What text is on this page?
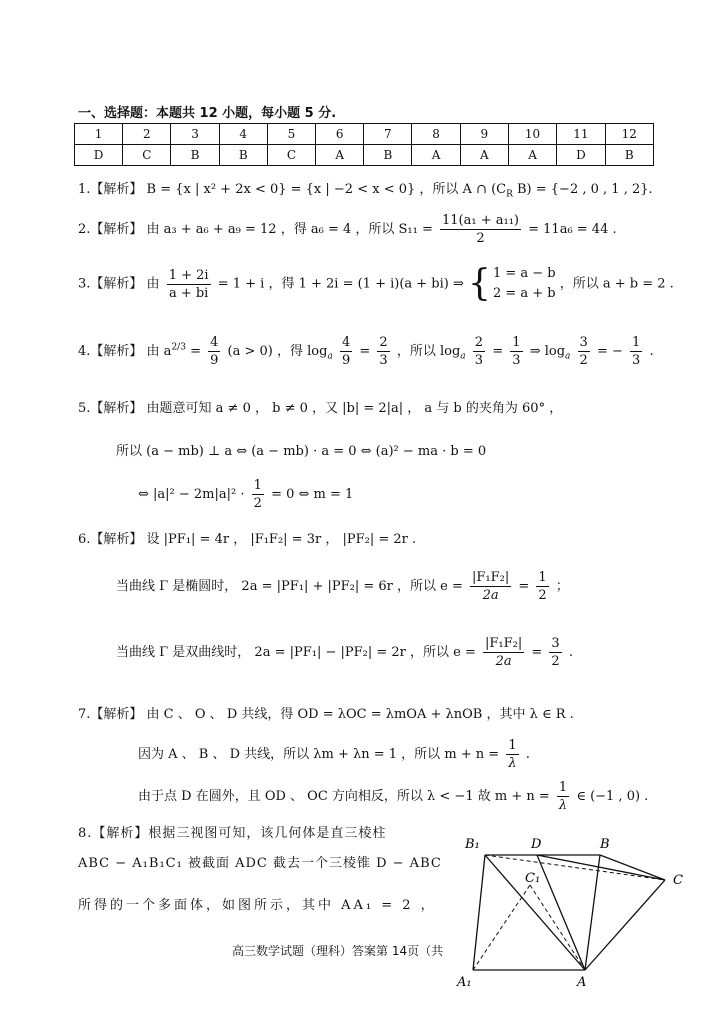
一、选择题：本题共 12 小题，每小题 5 分.
1	2	3	4	5	6	7	8	9	10	11	12
D	C	B	B	C	A	B	A	A	A	D	B
1.【解析】 B = {x | x² + 2x < 0} = {x | −2 < x < 0} ，所以 A ∩ ($C_R$ B) = {−2 , 0 , 1 , 2}.
2.【解析】 由 a₃ + a₆ + a₉ = 12 ，得 a₆ = 4 ，所以 $S_{11} = \frac{\text{11(a₁ + a₁₁)}}{2} = 11a_6 = 44$ .
3.【解析】 由 $\frac{1 + 2i}{a + bi} = 1 + i$ ，得 1 + 2i = (1 + i)(a + bi) ⇒ { 1 = a − b
2 = a + b
，所以 a + b = 2 .
4.【解析】 由 $a^{2/3} = \frac{4}{9} (a > 0)$ ，得 $\log_a \frac{4}{9} = \frac{2}{3}$ ，所以 $\log_a \frac{2}{3} = \frac{1}{3}$ ⇒ $\log_a \frac{3}{2}$ = − $\frac{1}{3}$ .
5.【解析】 由题意可知 a ≠ 0 ， b ≠ 0 ，又 |b| = 2|a| ， a 与 b 的夹角为 60° ，
所以 (a − mb) ⊥ a ⇔ (a − mb) · a = 0 ⇔ (a)² − ma · b = 0
⇔ $|a|^2 - 2m|a|^2 \cdot \frac{1}{2} = 0$ ⇔ m = 1
6.【解析】 设 |PF₁| = 4r ， |F₁F₂| = 3r ， |PF₂| = 2r .
当曲线 Γ 是椭圆时， 2a = |PF₁| + |PF₂| = 6r ，所以 $e = \frac{\text{|F₁F₂|}}{2a} = \frac{1}{2}$ ；
当曲线 Γ 是双曲线时， 2a = |PF₁| − |PF₂| = 2r ，所以 $e = \frac{\text{|F₁F₂|}}{2a} = \frac{3}{2}$ .
7.【解析】 由 C 、 O 、 D 共线，得 OD = λOC = λmOA + λnOB ，其中 λ ∈ R .
因为 A 、 B 、 D 共线，所以 λm + λn = 1 ，所以 $m + n = \frac{1}{\lambda}$ .
由于点 D 在圆外，且 OD 、 OC 方向相反，所以 λ < −1 故 $m + n = \frac{1}{\lambda}$ ∈ (−1 , 0) .
8.【解析】根据三视图可知，该几何体是直三棱柱
ABC − A₁B₁C₁ 被截面 ADC 截去一个三棱锥 D − ABC
所得的一个多面体，如图所示，其中 AA₁ = 2 ，
高三数学试题（理科）答案第 14页（共
B₁	D	B
C
C₁
A₁	A
